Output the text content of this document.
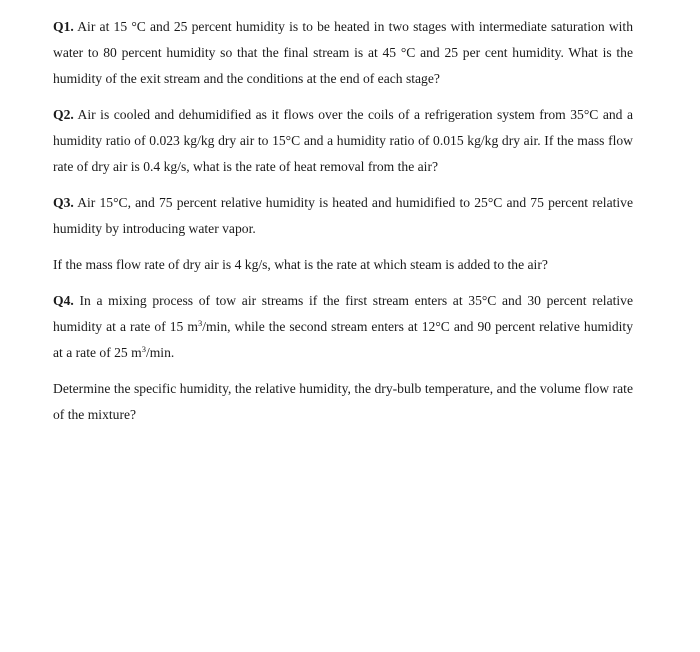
Q1. Air at 15 °C and 25 percent humidity is to be heated in two stages with intermediate saturation with water to 80 percent humidity so that the final stream is at 45 °C and 25 per cent humidity. What is the humidity of the exit stream and the conditions at the end of each stage?

Q2. Air is cooled and dehumidified as it flows over the coils of a refrigeration system from 35°C and a humidity ratio of 0.023 kg/kg dry air to 15°C and a humidity ratio of 0.015 kg/kg dry air. If the mass flow rate of dry air is 0.4 kg/s, what is the rate of heat removal from the air?

Q3. Air 15°C, and 75 percent relative humidity is heated and humidified to 25°C and 75 percent relative humidity by introducing water vapor.

If the mass flow rate of dry air is 4 kg/s, what is the rate at which steam is added to the air?

Q4. In a mixing process of tow air streams if the first stream enters at 35°C and 30 percent relative humidity at a rate of 15 $m^3/\min$, while the second stream enters at 12°C and 90 percent relative humidity at a rate of 25 $m^3/\min$.

Determine the specific humidity, the relative humidity, the dry-bulb temperature, and the volume flow rate of the mixture?
